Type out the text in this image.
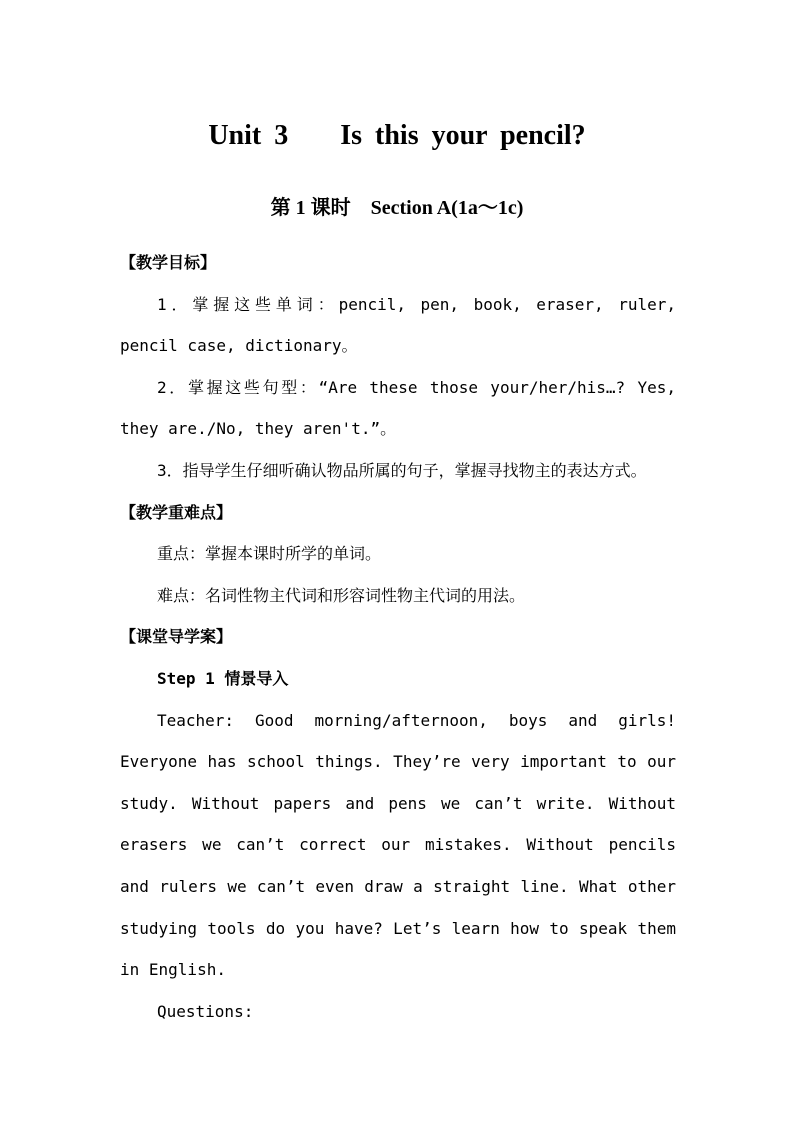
Unit 3    Is this your pencil?
第 1 课时    Section A(1a～1c)

【教学目标】

1．掌握这些单词：pencil, pen, book, eraser, ruler, pencil case, dictionary。

2．掌握这些句型：“Are these those your/her/his…? Yes, they are./No, they aren't.”。

3．指导学生仔细听确认物品所属的句子，掌握寻找物主的表达方式。

【教学重难点】

重点：掌握本课时所学的单词。

难点：名词性物主代词和形容词性物主代词的用法。

【课堂导学案】

Step 1 情景导入

Teacher: Good morning/afternoon, boys and girls! Everyone has school things. They’re very important to our study. Without papers and pens we can’t write. Without erasers we can’t correct our mistakes. Without pencils and rulers we can’t even draw a straight line. What other studying tools do you have? Let’s learn how to speak them in English.

Questions:
